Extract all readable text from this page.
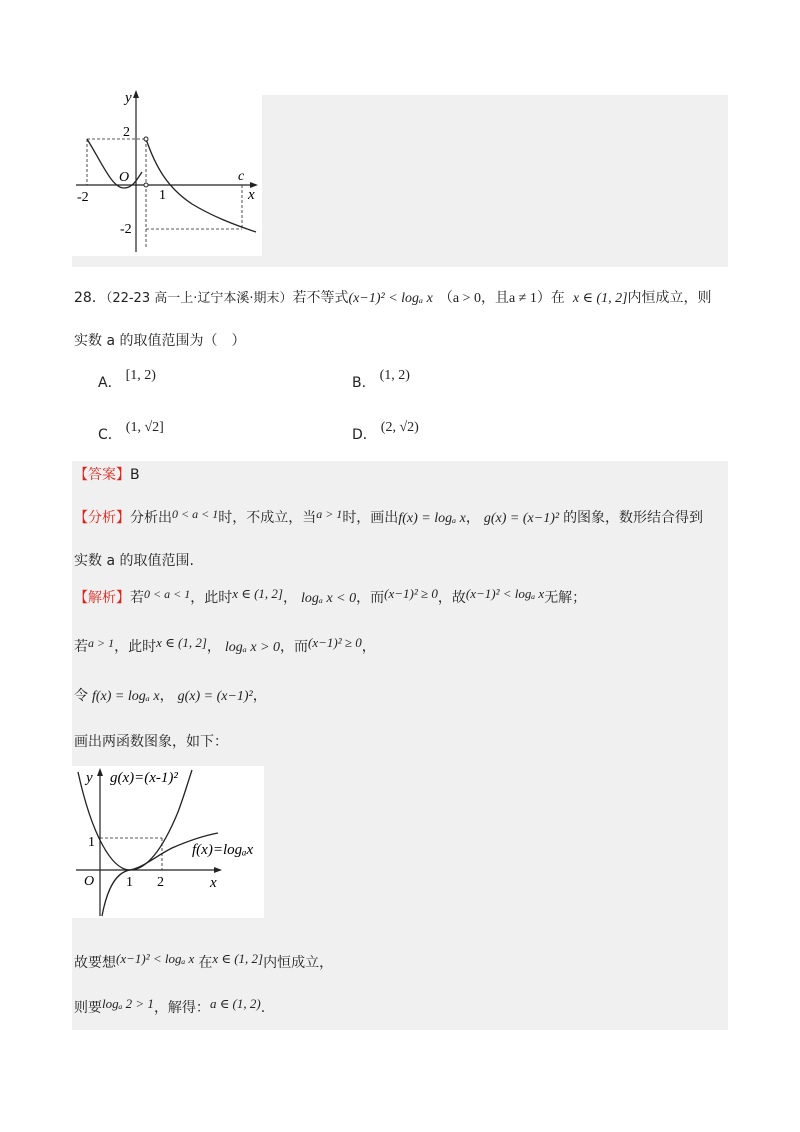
y
x
O	c
2
-2	1
-2
28．（22-23 高一上·辽宁本溪·期末）若不等式(x−1)² < logₐ x （a > 0，且a ≠ 1）在 x ∈ (1, 2]内恒成立，则
实数 a 的取值范围为（　）
A． [1, 2)	B． (1, 2)
C． (1, √2]	D． (2, √2)
【答案】B
【分析】分析出0 < a < 1时，不成立，当a > 1时，画出f(x) = logₐ x， g(x) = (x−1)² 的图象，数形结合得到
实数 a 的取值范围.
【解析】若0 < a < 1，此时x ∈ (1, 2]， logₐ x < 0，而(x−1)² ≥ 0，故(x−1)² < logₐ x无解；
若a > 1，此时x ∈ (1, 2]， logₐ x > 0，而(x−1)² ≥ 0，
令 f(x) = logₐ x， g(x) = (x−1)²，
画出两函数图象，如下：
y
x
O
1
1 2
g(x)=(x-1)²
f(x)=logₐx
故要想(x−1)² < logₐ x 在x ∈ (1, 2]内恒成立，
则要logₐ 2 > 1，解得：a ∈ (1, 2).
